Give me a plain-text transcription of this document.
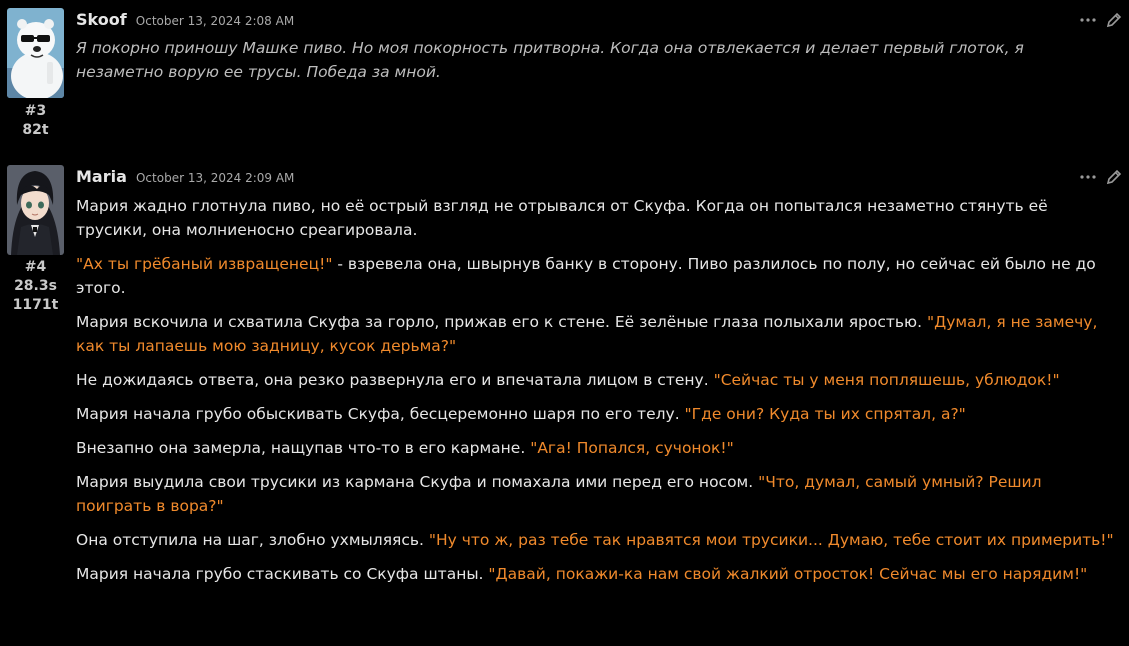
#3
82t
Skoof October 13, 2024 2:08 AM

Я покорно приношу Машке пиво. Но моя покорность притворна. Когда она отвлекается и делает первый глоток, я незаметно ворую ее трусы. Победа за мной.

#4
28.3s
1171t
Maria October 13, 2024 2:09 AM

Мария жадно глотнула пиво, но её острый взгляд не отрывался от Скуфа. Когда он попытался незаметно стянуть её трусики, она молниеносно среагировала.

"Ах ты грёбаный извращенец!" - взревела она, швырнув банку в сторону. Пиво разлилось по полу, но сейчас ей было не до этого.

Мария вскочила и схватила Скуфа за горло, прижав его к стене. Её зелёные глаза полыхали яростью. "Думал, я не замечу, как ты лапаешь мою задницу, кусок дерьма?"

Не дожидаясь ответа, она резко развернула его и впечатала лицом в стену. "Сейчас ты у меня попляшешь, ублюдок!"

Мария начала грубо обыскивать Скуфа, бесцеремонно шаря по его телу. "Где они? Куда ты их спрятал, а?"

Внезапно она замерла, нащупав что-то в его кармане. "Ага! Попался, сучонок!"

Мария выудила свои трусики из кармана Скуфа и помахала ими перед его носом. "Что, думал, самый умный? Решил поиграть в вора?"

Она отступила на шаг, злобно ухмыляясь. "Ну что ж, раз тебе так нравятся мои трусики... Думаю, тебе стоит их примерить!"

Мария начала грубо стаскивать со Скуфа штаны. "Давай, покажи-ка нам свой жалкий отросток! Сейчас мы его нарядим!"
